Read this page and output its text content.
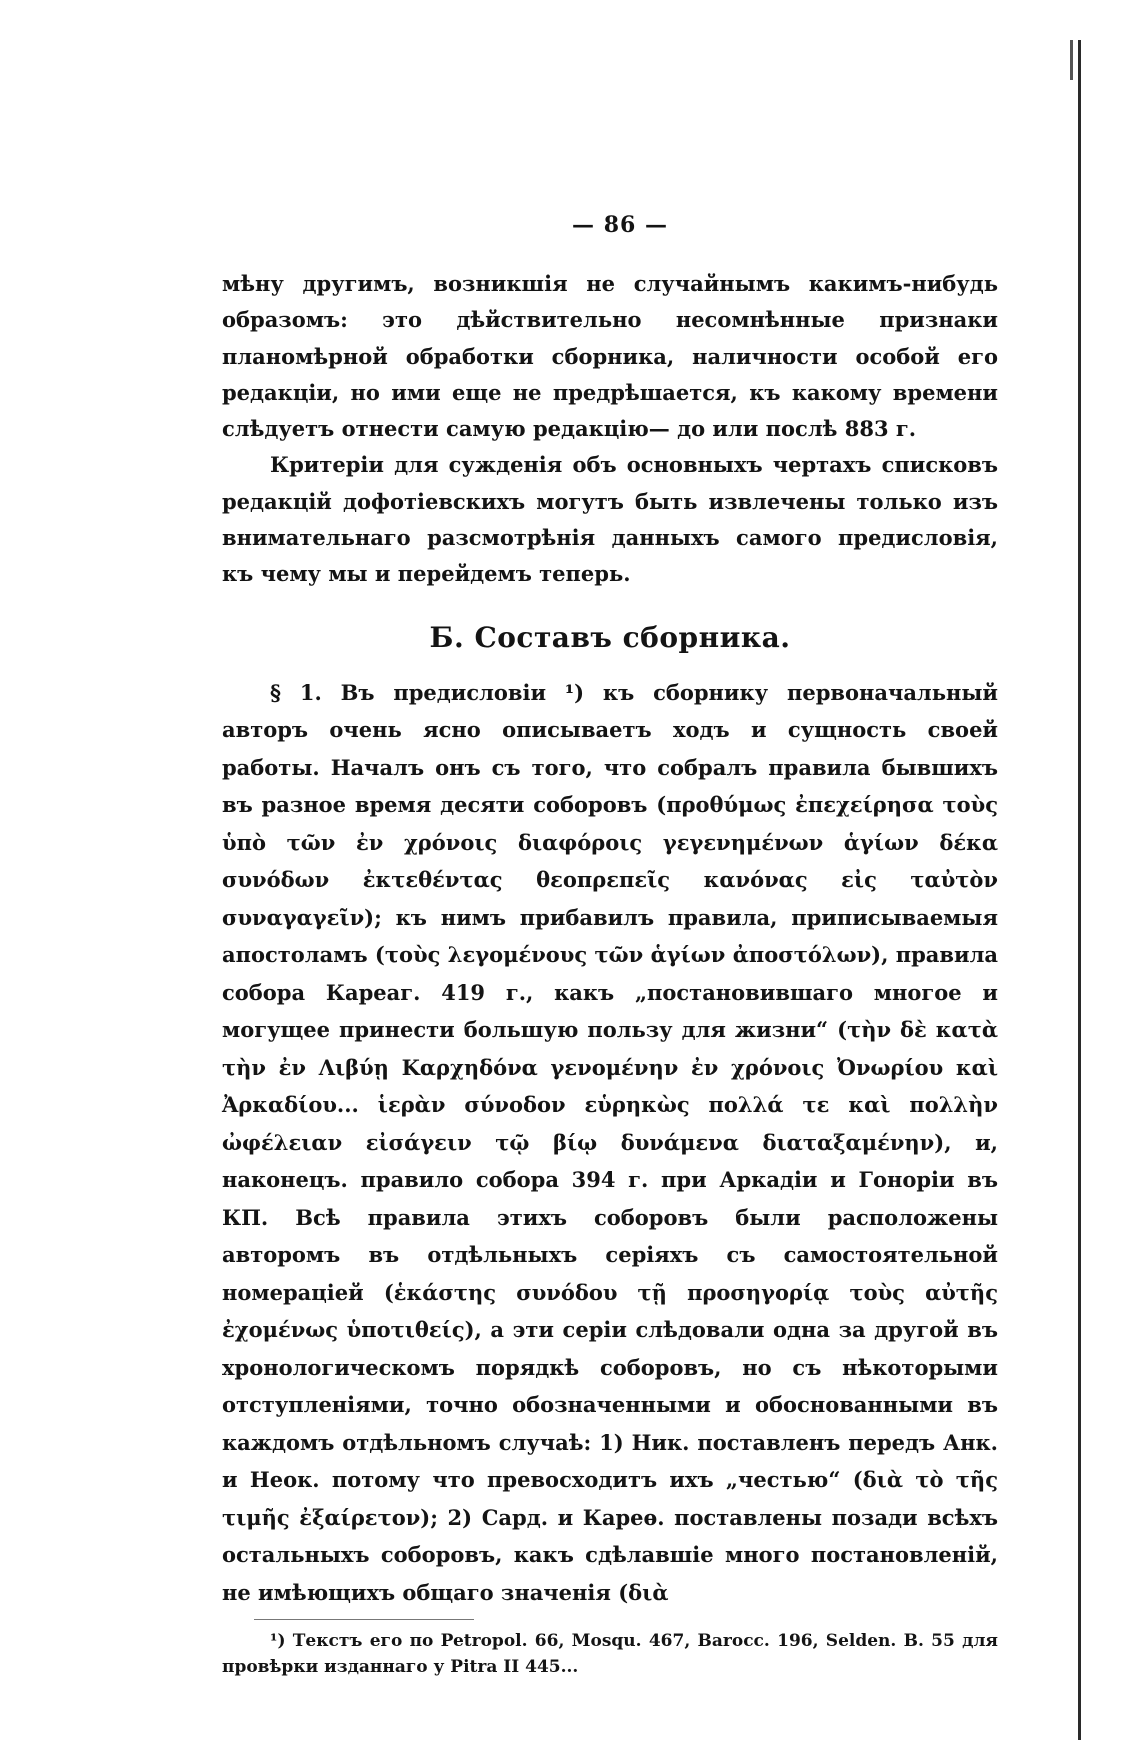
— 86 —

мѣну другимъ, возникшія не случайнымъ какимъ-нибудь образомъ: это дѣйствительно несомнѣнные признаки планомѣрной обработки сборника, наличности особой его редакціи, но ими еще не предрѣшается, къ какому времени слѣдуетъ отнести самую редакцію— до или послѣ 883 г.

Критеріи для сужденія объ основныхъ чертахъ списковъ редакцій дофотіевскихъ могутъ быть извлечены только изъ внимательнаго разсмотрѣнія данныхъ самого предисловія, къ чему мы и перейдемъ теперь.

Б. Составъ сборника.

§ 1. Въ предисловіи ¹) къ сборнику первоначальный авторъ очень ясно описываетъ ходъ и сущность своей работы. Началъ онъ съ того, что собралъ правила бывшихъ въ разное время десяти соборовъ (προθύμως ἐπεχείρησα τοὺς ὑπὸ τῶν ἐν χρόνοις διαφόροις γεγενημένων ἁγίων δέκα συνόδων ἐκτεθέντας θεοπρεπεῖς κανόνας εἰς ταὐτὸν συναγαγεῖν); къ нимъ прибавилъ правила, приписываемыя апостоламъ (τοὺς λεγομένους τῶν ἁγίων ἀποστόλων), правила собора Кареаг. 419 г., какъ „постановившаго многое и могущее принести большую пользу для жизни“ (τὴν δὲ κατὰ τὴν ἐν Λιβύῃ Καρχηδόνα γενομένην ἐν χρόνοις Ὀνωρίου καὶ Ἀρκαδίου... ἱερὰν σύνοδον εὑρηκὼς πολλά τε καὶ πολλὴν ὠφέλειαν εἰσάγειν τῷ βίῳ δυνάμενα διαταξαμένην), и, наконецъ. правило собора 394 г. при Аркадіи и Гоноріи въ КП. Всѣ правила этихъ соборовъ были расположены авторомъ въ отдѣльныхъ серіяхъ съ самостоятельной номераціей (ἑκάστης συνόδου τῇ προσηγορίᾳ τοὺς αὐτῆς ἐχομένως ὑποτιθείς), а эти серіи слѣдовали одна за другой въ хронологическомъ порядкѣ соборовъ, но съ нѣкоторыми отступленіями, точно обозначенными и обоснованными въ каждомъ отдѣльномъ случаѣ: 1) Ник. поставленъ передъ Анк. и Неок. потому что превосходитъ ихъ „честью“ (διὰ τὸ τῆς τιμῆς ἐξαίρετον); 2) Сард. и Кареѳ. поставлены позади всѣхъ остальныхъ соборовъ, какъ сдѣлавшіе много постановленій, не имѣющихъ общаго значенія (διὰ

¹) Текстъ его по Petropol. 66, Mosqu. 467, Barocc. 196, Selden. B. 55 для провѣрки изданнаго у Pitra II 445...
